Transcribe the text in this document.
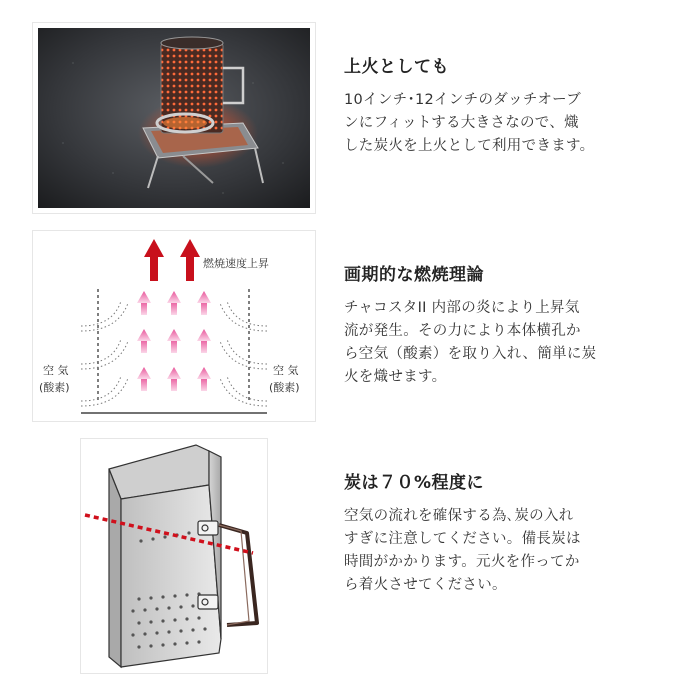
上火としても

10インチ･12インチのダッチオーブ
ンにフィットする大きさなので、熾
した炭火を上火として利用できます。

燃焼速度上昇
空 気
(酸素)
空 気
(酸素)

画期的な燃焼理論

チャコスタII 内部の炎により上昇気
流が発生。その力により本体横孔か
ら空気（酸素）を取り入れ、簡単に炭
火を熾せます。

炭は７０%程度に

空気の流れを確保する為､炭の入れ
すぎに注意してください。備長炭は
時間がかかります。元火を作ってか
ら着火させてください。
